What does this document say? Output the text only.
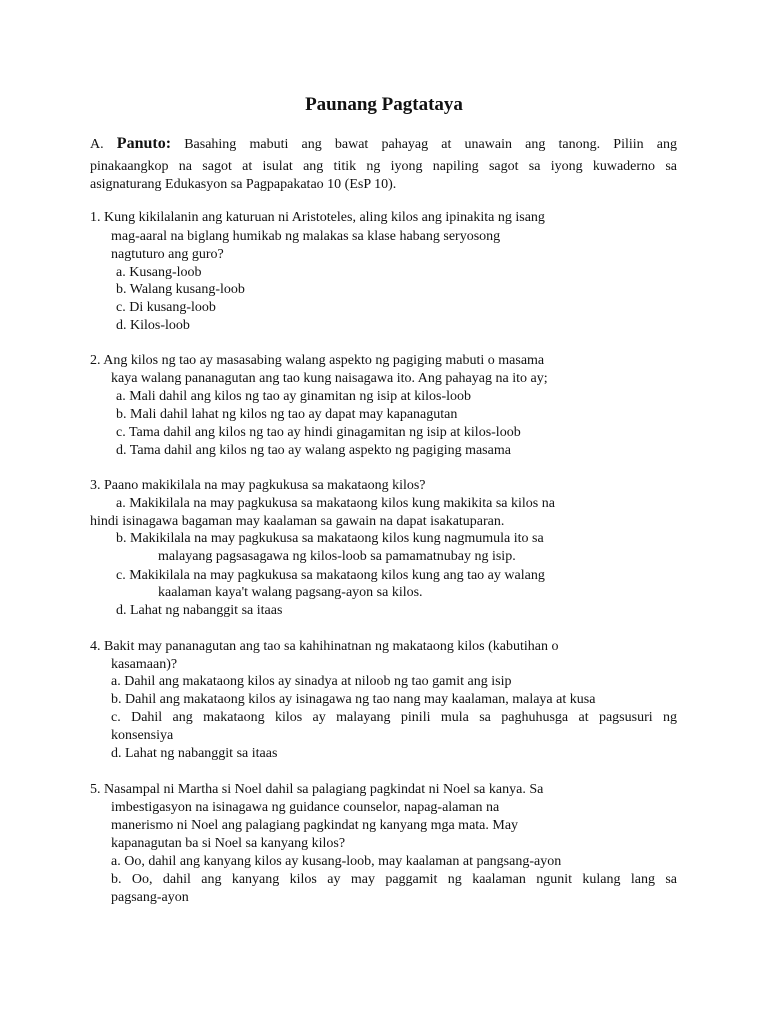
Paunang Pagtataya
A. Panuto: Basahing mabuti ang bawat pahayag at unawain ang tanong. Piliin ang
pinakaangkop na sagot at isulat ang titik ng iyong napiling sagot sa iyong kuwaderno sa
asignaturang Edukasyon sa Pagpapakatao 10 (EsP 10).
1. Kung kikilalanin ang katuruan ni Aristoteles, aling kilos ang ipinakita ng isang
mag-aaral na biglang humikab ng malakas sa klase habang seryosong
nagtuturo ang guro?
a. Kusang-loob
b. Walang kusang-loob
c. Di kusang-loob
d. Kilos-loob
2. Ang kilos ng tao ay masasabing walang aspekto ng pagiging mabuti o masama
kaya walang pananagutan ang tao kung naisagawa ito. Ang pahayag na ito ay;
a. Mali dahil ang kilos ng tao ay ginamitan ng isip at kilos-loob
b. Mali dahil lahat ng kilos ng tao ay dapat may kapanagutan
c. Tama dahil ang kilos ng tao ay hindi ginagamitan ng isip at kilos-loob
d. Tama dahil ang kilos ng tao ay walang aspekto ng pagiging masama
3. Paano makikilala na may pagkukusa sa makataong kilos?
a. Makikilala na may pagkukusa sa makataong kilos kung makikita sa kilos na
hindi isinagawa bagaman may kaalaman sa gawain na dapat isakatuparan.
b. Makikilala na may pagkukusa sa makataong kilos kung nagmumula ito sa
malayang pagsasagawa ng kilos-loob sa pamamatnubay ng isip.
c. Makikilala na may pagkukusa sa makataong kilos kung ang tao ay walang
kaalaman kaya't walang pagsang-ayon sa kilos.
d. Lahat ng nabanggit sa itaas
4. Bakit may pananagutan ang tao sa kahihinatnan ng makataong kilos (kabutihan o
kasamaan)?
a. Dahil ang makataong kilos ay sinadya at niloob ng tao gamit ang isip
b. Dahil ang makataong kilos ay isinagawa ng tao nang may kaalaman, malaya at kusa
c. Dahil ang makataong kilos ay malayang pinili mula sa paghuhusga at pagsusuri ng
konsensiya
d. Lahat ng nabanggit sa itaas
5. Nasampal ni Martha si Noel dahil sa palagiang pagkindat ni Noel sa kanya. Sa
imbestigasyon na isinagawa ng guidance counselor, napag-alaman na
manerismo ni Noel ang palagiang pagkindat ng kanyang mga mata. May
kapanagutan ba si Noel sa kanyang kilos?
a. Oo, dahil ang kanyang kilos ay kusang-loob, may kaalaman at pangsang-ayon
b. Oo, dahil ang kanyang kilos ay may paggamit ng kaalaman ngunit kulang lang sa
pagsang-ayon
